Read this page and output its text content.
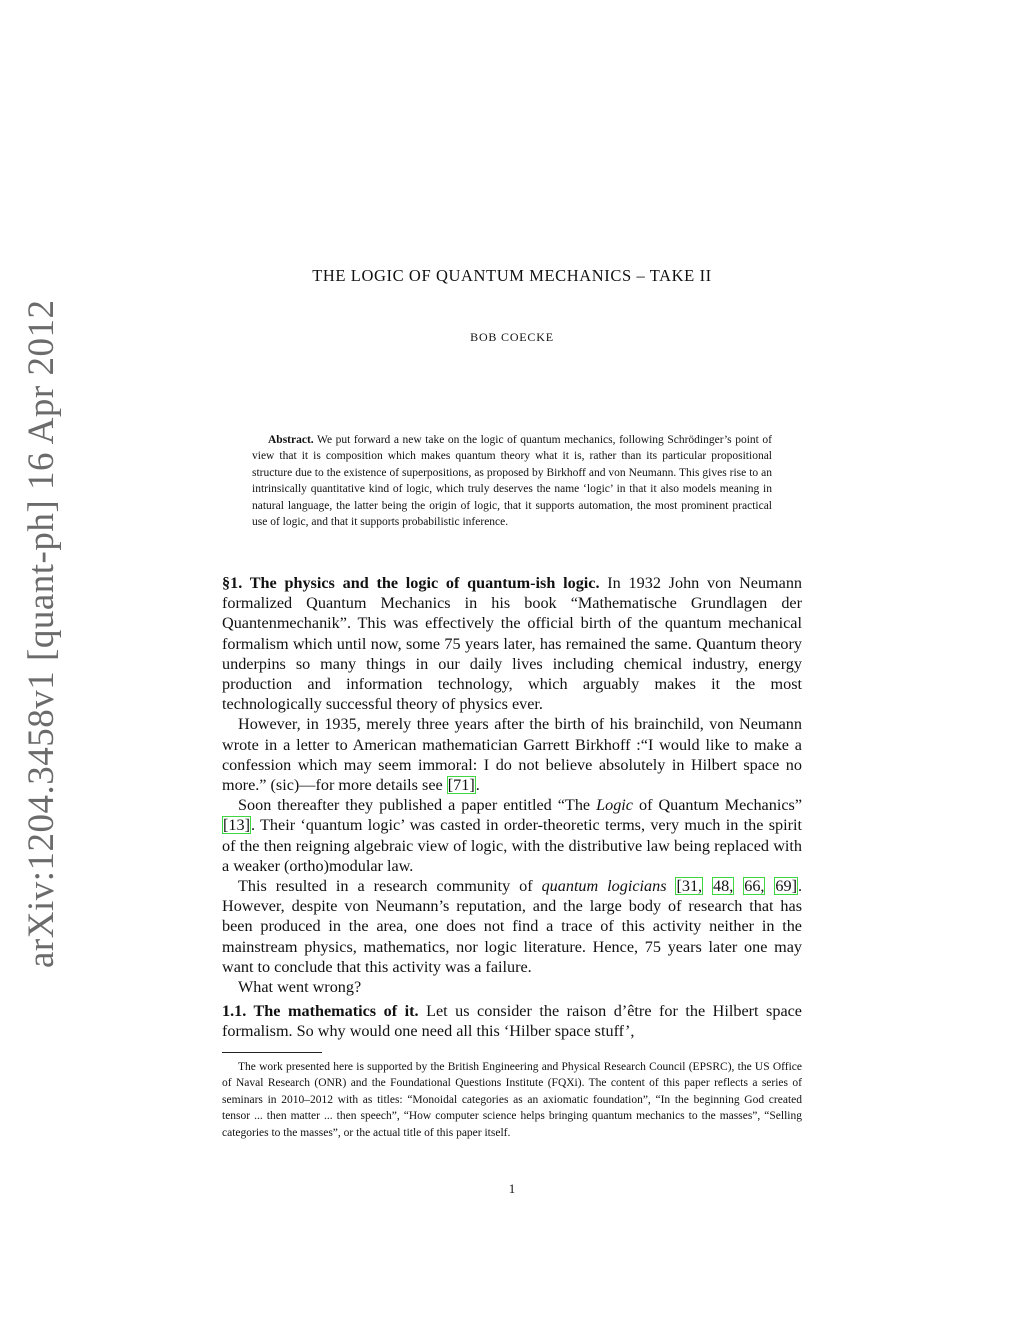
arXiv:1204.3458v1 [quant-ph] 16 Apr 2012
THE LOGIC OF QUANTUM MECHANICS – TAKE II
BOB COECKE
Abstract. We put forward a new take on the logic of quantum mechanics, following Schrödinger’s point of view that it is composition which makes quantum theory what it is, rather than its particular propositional structure due to the existence of superpositions, as proposed by Birkhoff and von Neumann. This gives rise to an intrinsically quantitative kind of logic, which truly deserves the name ‘logic’ in that it also models meaning in natural language, the latter being the origin of logic, that it supports automation, the most prominent practical use of logic, and that it supports probabilistic inference.

§1. The physics and the logic of quantum-ish logic. In 1932 John von Neumann formalized Quantum Mechanics in his book “Mathematische Grundlagen der Quantenmechanik”. This was effectively the official birth of the quantum mechanical formalism which until now, some 75 years later, has remained the same. Quantum theory underpins so many things in our daily lives including chemical industry, energy production and information technology, which arguably makes it the most technologically successful theory of physics ever.

However, in 1935, merely three years after the birth of his brainchild, von Neumann wrote in a letter to American mathematician Garrett Birkhoff :“I would like to make a confession which may seem immoral: I do not believe absolutely in Hilbert space no more.” (sic)—for more details see [71].

Soon thereafter they published a paper entitled “The Logic of Quantum Mechanics” [13]. Their ‘quantum logic’ was casted in order-theoretic terms, very much in the spirit of the then reigning algebraic view of logic, with the distributive law being replaced with a weaker (ortho)modular law.

This resulted in a research community of quantum logicians [31, 48, 66, 69]. However, despite von Neumann’s reputation, and the large body of research that has been produced in the area, one does not find a trace of this activity neither in the mainstream physics, mathematics, nor logic literature. Hence, 75 years later one may want to conclude that this activity was a failure.

What went wrong?

1.1. The mathematics of it. Let us consider the raison d’être for the Hilbert space formalism. So why would one need all this ‘Hilber space stuff’,

The work presented here is supported by the British Engineering and Physical Research Council (EPSRC), the US Office of Naval Research (ONR) and the Foundational Questions Institute (FQXi). The content of this paper reflects a series of seminars in 2010–2012 with as titles: “Monoidal categories as an axiomatic foundation”, “In the beginning God created tensor ... then matter ... then speech”, “How computer science helps bringing quantum mechanics to the masses”, “Selling categories to the masses”, or the actual title of this paper itself.
1
